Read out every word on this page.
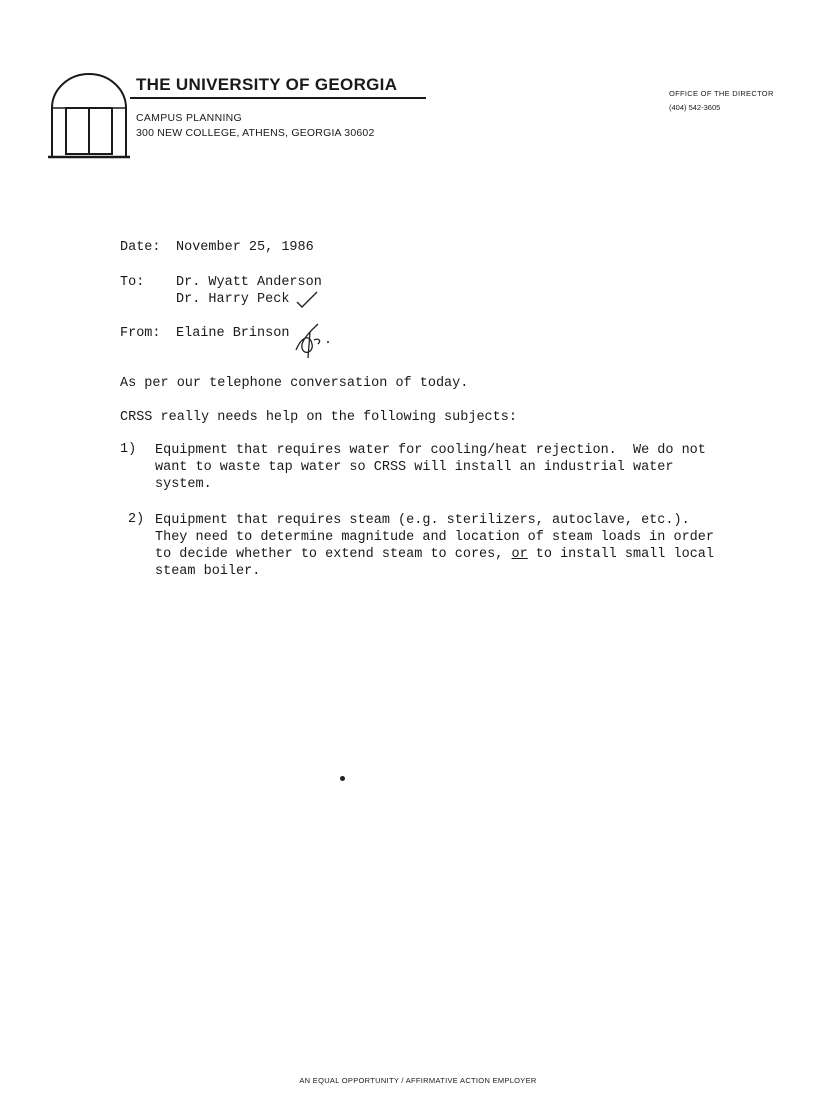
THE UNIVERSITY OF GEORGIA
CAMPUS PLANNING
300 NEW COLLEGE, ATHENS, GEORGIA 30602
OFFICE OF THE DIRECTOR
(404) 542-3605
Date: November 25, 1986
To: Dr. Wyatt Anderson
Dr. Harry Peck
From: Elaine Brinson
As per our telephone conversation of today.
CRSS really needs help on the following subjects:
1) Equipment that requires water for cooling/heat rejection.  We do not
want to waste tap water so CRSS will install an industrial water
system.
2) Equipment that requires steam (e.g. sterilizers, autoclave, etc.).
They need to determine magnitude and location of steam loads in order
to decide whether to extend steam to cores, or to install small local
steam boiler.
AN EQUAL OPPORTUNITY / AFFIRMATIVE ACTION EMPLOYER
